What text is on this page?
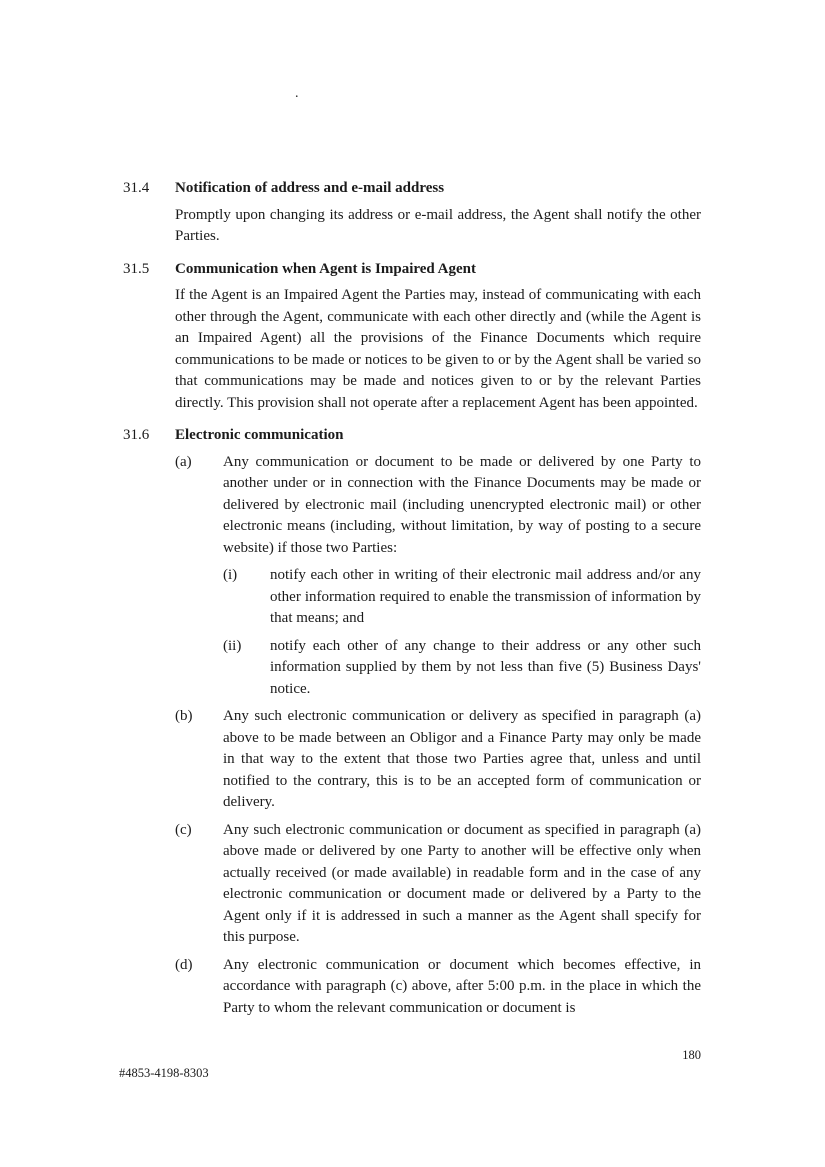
.
31.4	Notification of address and e-mail address

Promptly upon changing its address or e-mail address, the Agent shall notify the other Parties.

31.5	Communication when Agent is Impaired Agent

If the Agent is an Impaired Agent the Parties may, instead of communicating with each other through the Agent, communicate with each other directly and (while the Agent is an Impaired Agent) all the provisions of the Finance Documents which require communications to be made or notices to be given to or by the Agent shall be varied so that communications may be made and notices given to or by the relevant Parties directly. This provision shall not operate after a replacement Agent has been appointed.

31.6	Electronic communication
(a)	Any communication or document to be made or delivered by one Party to another under or in connection with the Finance Documents may be made or delivered by electronic mail (including unencrypted electronic mail) or other electronic means (including, without limitation, by way of posting to a secure website) if those two Parties:

(i)	notify each other in writing of their electronic mail address and/or any other information required to enable the transmission of information by that means; and

(ii)	notify each other of any change to their address or any other such information supplied by them by not less than five (5) Business Days' notice.

(b)	Any such electronic communication or delivery as specified in paragraph (a) above to be made between an Obligor and a Finance Party may only be made in that way to the extent that those two Parties agree that, unless and until notified to the contrary, this is to be an accepted form of communication or delivery.

(c)	Any such electronic communication or document as specified in paragraph (a) above made or delivered by one Party to another will be effective only when actually received (or made available) in readable form and in the case of any electronic communication or document made or delivered by a Party to the Agent only if it is addressed in such a manner as the Agent shall specify for this purpose.

(d)	Any electronic communication or document which becomes effective, in accordance with paragraph (c) above, after 5:00 p.m. in the place in which the Party to whom the relevant communication or document is

180
#4853-4198-8303
